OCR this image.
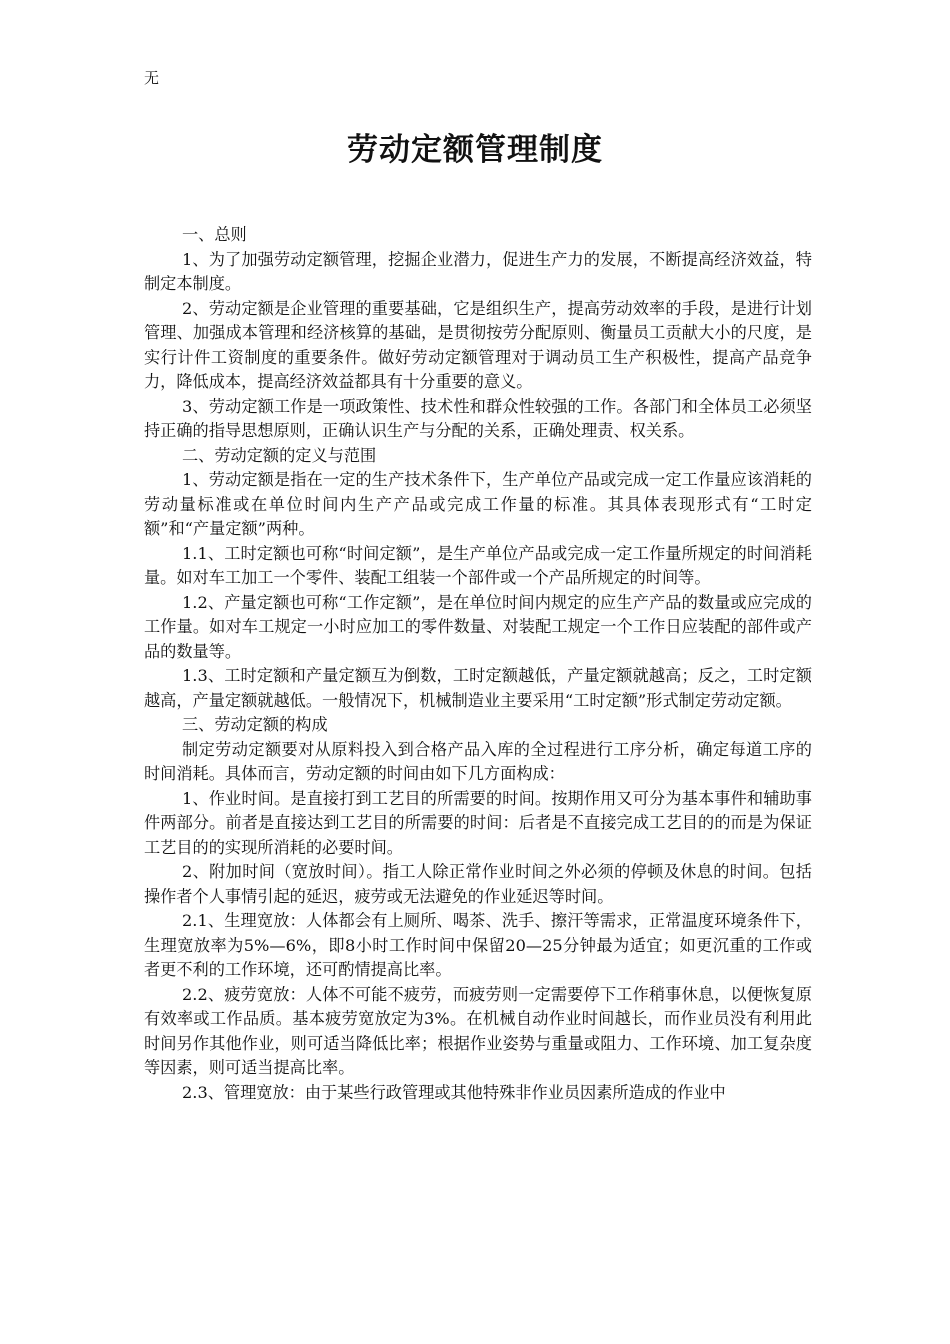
无
劳动定额管理制度

一、总则

1、为了加强劳动定额管理，挖掘企业潜力，促进生产力的发展，不断提高经济效益，特制定本制度。

2、劳动定额是企业管理的重要基础，它是组织生产，提高劳动效率的手段，是进行计划管理、加强成本管理和经济核算的基础，是贯彻按劳分配原则、衡量员工贡献大小的尺度，是实行计件工资制度的重要条件。做好劳动定额管理对于调动员工生产积极性，提高产品竞争力，降低成本，提高经济效益都具有十分重要的意义。

3、劳动定额工作是一项政策性、技术性和群众性较强的工作。各部门和全体员工必须坚持正确的指导思想原则，正确认识生产与分配的关系，正确处理责、权关系。

二、劳动定额的定义与范围

1、劳动定额是指在一定的生产技术条件下，生产单位产品或完成一定工作量应该消耗的劳动量标准或在单位时间内生产产品或完成工作量的标准。其具体表现形式有“工时定额”和“产量定额”两种。

1.1、工时定额也可称“时间定额”，是生产单位产品或完成一定工作量所规定的时间消耗量。如对车工加工一个零件、装配工组装一个部件或一个产品所规定的时间等。

1.2、产量定额也可称“工作定额”，是在单位时间内规定的应生产产品的数量或应完成的工作量。如对车工规定一小时应加工的零件数量、对装配工规定一个工作日应装配的部件或产品的数量等。

1.3、工时定额和产量定额互为倒数，工时定额越低，产量定额就越高；反之，工时定额越高，产量定额就越低。一般情况下，机械制造业主要采用“工时定额”形式制定劳动定额。

三、劳动定额的构成

制定劳动定额要对从原料投入到合格产品入库的全过程进行工序分析，确定每道工序的时间消耗。具体而言，劳动定额的时间由如下几方面构成：

1、作业时间。是直接打到工艺目的所需要的时间。按期作用又可分为基本事件和辅助事件两部分。前者是直接达到工艺目的所需要的时间：后者是不直接完成工艺目的的而是为保证工艺目的的实现所消耗的必要时间。

2、附加时间（宽放时间）。指工人除正常作业时间之外必须的停顿及休息的时间。包括操作者个人事情引起的延迟，疲劳或无法避免的作业延迟等时间。

2.1、生理宽放：人体都会有上厕所、喝茶、洗手、擦汗等需求，正常温度环境条件下，生理宽放率为5%—6%，即8小时工作时间中保留20—25分钟最为适宜；如更沉重的工作或者更不利的工作环境，还可酌情提高比率。

2.2、疲劳宽放：人体不可能不疲劳，而疲劳则一定需要停下工作稍事休息，以便恢复原有效率或工作品质。基本疲劳宽放定为3%。在机械自动作业时间越长，而作业员没有利用此时间另作其他作业，则可适当降低比率；根据作业姿势与重量或阻力、工作环境、加工复杂度等因素，则可适当提高比率。

2.3、管理宽放：由于某些行政管理或其他特殊非作业员因素所造成的作业中
